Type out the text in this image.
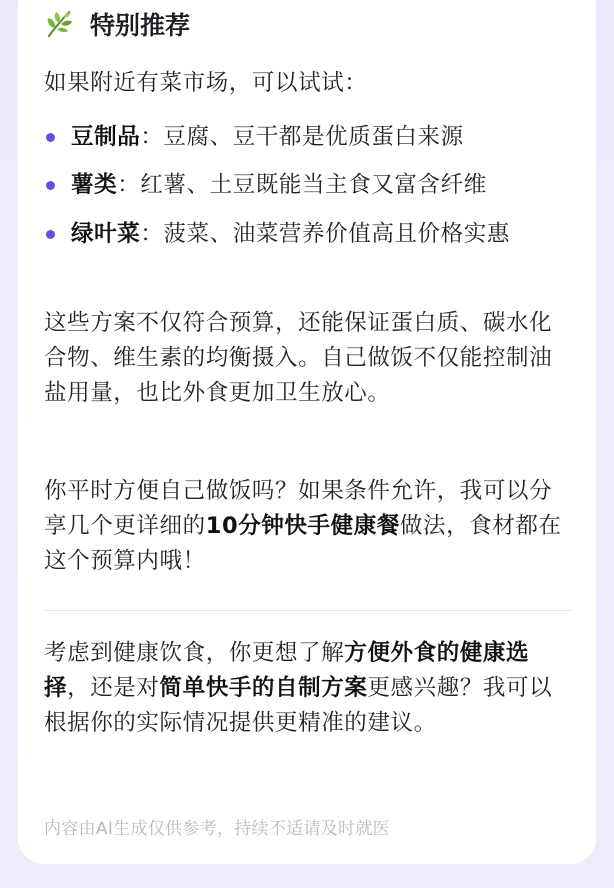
特别推荐
如果附近有菜市场，可以试试：
豆制品：豆腐、豆干都是优质蛋白来源
薯类：红薯、土豆既能当主食又富含纤维
绿叶菜：菠菜、油菜营养价值高且价格实惠
这些方案不仅符合预算，还能保证蛋白质、碳水化合物、维生素的均衡摄入。自己做饭不仅能控制油盐用量，也比外食更加卫生放心。
你平时方便自己做饭吗？如果条件允许，我可以分享几个更详细的10分钟快手健康餐做法，食材都在这个预算内哦！
考虑到健康饮食，你更想了解方便外食的健康选择，还是对简单快手的自制方案更感兴趣？我可以根据你的实际情况提供更精准的建议。
内容由AI生成仅供参考，持续不适请及时就医
